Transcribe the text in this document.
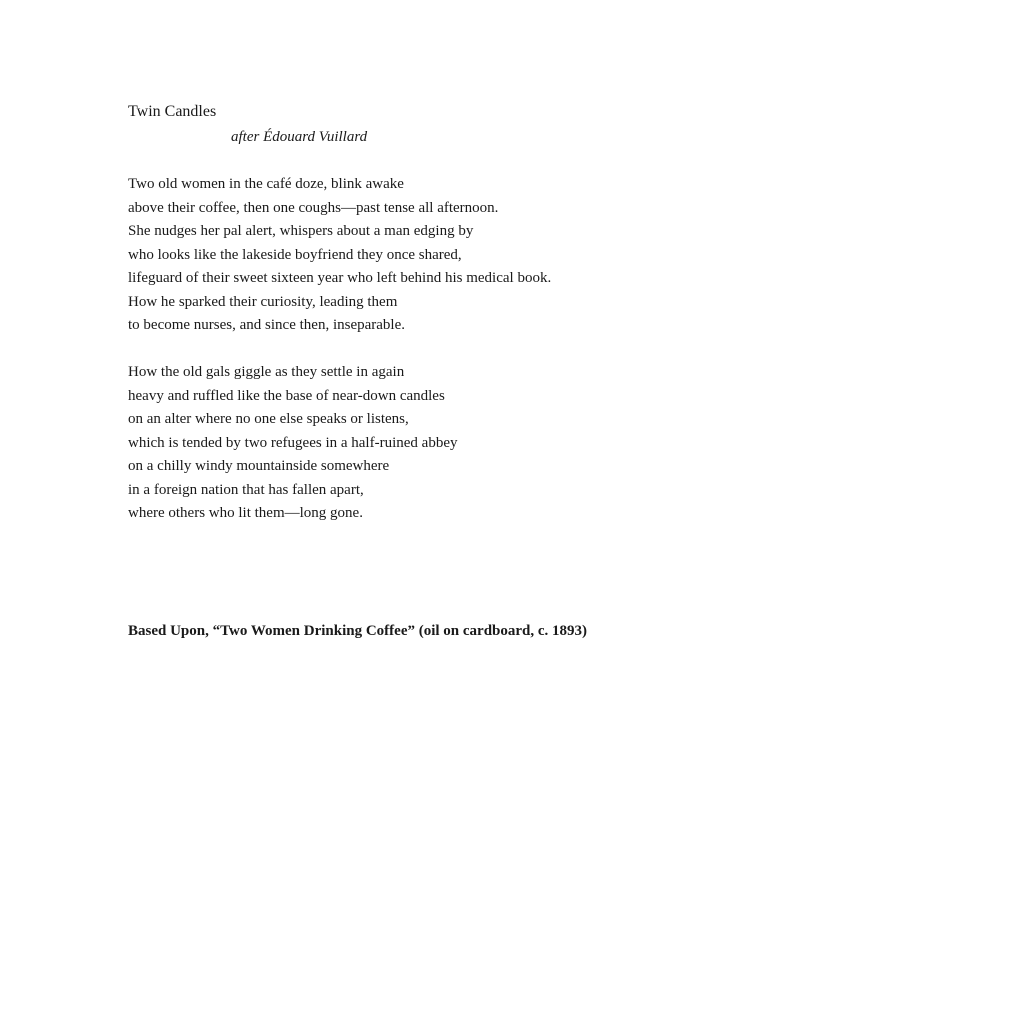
Twin Candles
after Édouard Vuillard
Two old women in the café doze, blink awake
above their coffee, then one coughs—past tense all afternoon.
She nudges her pal alert, whispers about a man edging by
who looks like the lakeside boyfriend they once shared,
lifeguard of their sweet sixteen year who left behind his medical book.
How he sparked their curiosity, leading them
to become nurses, and since then, inseparable.
How the old gals giggle as they settle in again
heavy and ruffled like the base of near-down candles
on an alter where no one else speaks or listens,
which is tended by two refugees in a half-ruined abbey
on a chilly windy mountainside somewhere
in a foreign nation that has fallen apart,
where others who lit them—long gone.
Based Upon, “Two Women Drinking Coffee” (oil on cardboard, c. 1893)
